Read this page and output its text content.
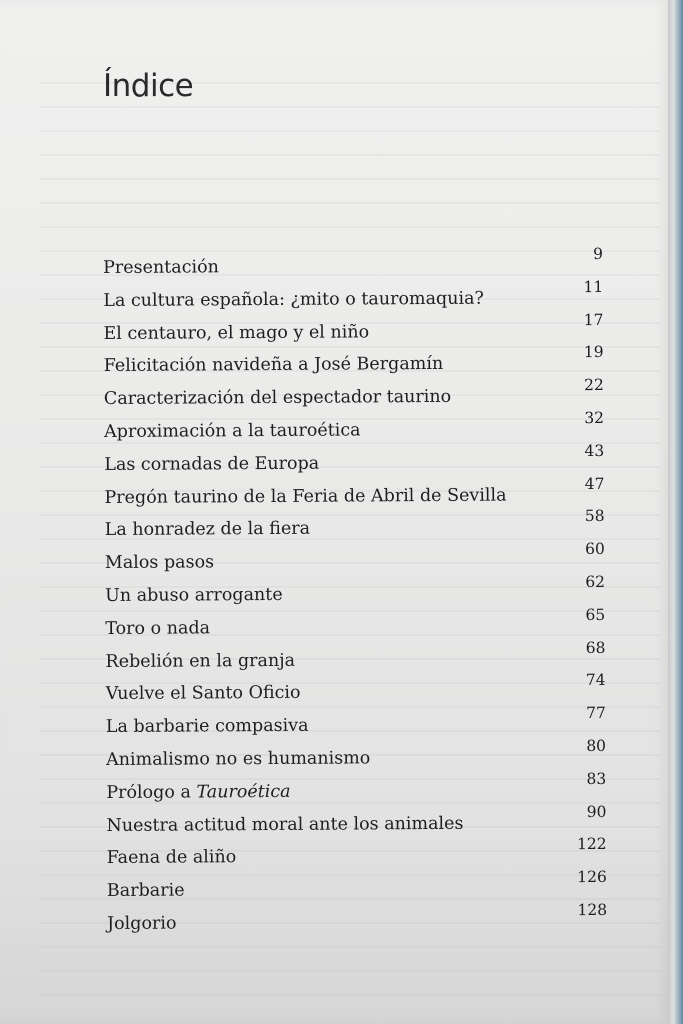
Índice
Presentación
9
La cultura española: ¿mito o tauromaquia?
11
El centauro, el mago y el niño
17
Felicitación navideña a José Bergamín
19
Caracterización del espectador taurino
22
Aproximación a la tauroética
32
Las cornadas de Europa
43
Pregón taurino de la Feria de Abril de Sevilla
47
La honradez de la fiera
58
Malos pasos
60
Un abuso arrogante
62
Toro o nada
65
Rebelión en la granja
68
Vuelve el Santo Oficio
74
La barbarie compasiva
77
Animalismo no es humanismo
80
Prólogo a Tauroética
83
Nuestra actitud moral ante los animales
90
Faena de aliño
122
Barbarie
126
Jolgorio
128
